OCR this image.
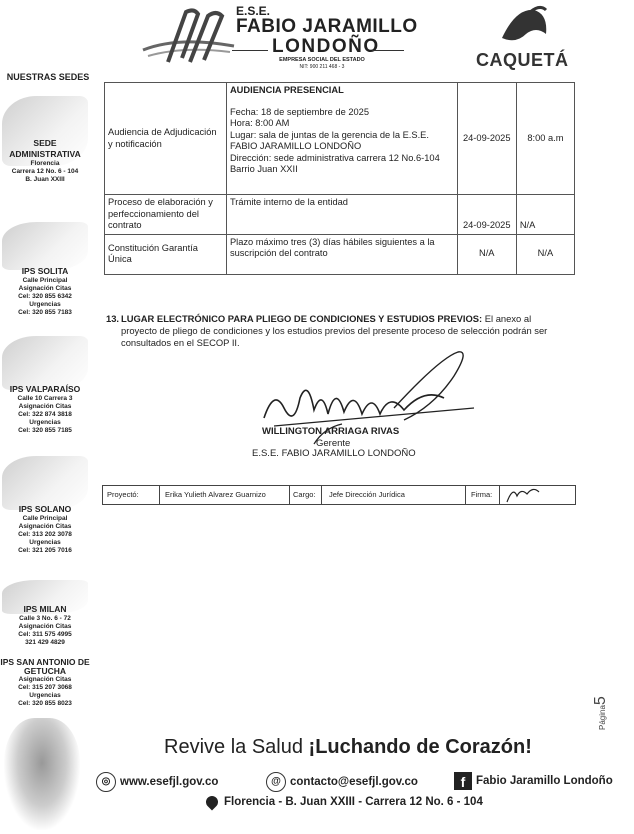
E.S.E.
FABIO JARAMILLO
LONDOÑO
EMPRESA SOCIAL DEL ESTADO
NIT: 900 211 468 - 3	CAQUETÁ
NUESTRAS SEDES
SEDE ADMINISTRATIVA
Florencia
Carrera 12 No. 6 - 104
B. Juan XXIII
IPS SOLITA
Calle Principal
Asignación Citas
Cel: 320 855 6342
Urgencias
Cel: 320 855 7183
IPS VALPARAÍSO
Calle 10 Carrera 3
Asignación Citas
Cel: 322 874 3818
Urgencias
Cel: 320 855 7185
IPS SOLANO
Calle Principal
Asignación Citas
Cel: 313 202 3078
Urgencias
Cel: 321 205 7016
IPS MILAN
Calle 3 No. 6 - 72
Asignación Citas
Cel: 311 575 4995
321 429 4829
IPS SAN ANTONIO DE GETUCHA
Asignación Citas
Cel: 315 207 3068
Urgencias
Cel: 320 855 8023
Audiencia de Adjudicación y notificación	AUDIENCIA PRESENCIAL
Fecha: 18 de septiembre de 2025
Hora: 8:00 AM
Lugar: sala de juntas de la gerencia de la E.S.E. FABIO JARAMILLO LONDOÑO
Dirección: sede administrativa carrera 12 No.6-104 Barrio Juan XXII	24-09-2025	8:00 a.m
Proceso de elaboración y perfeccionamiento del contrato	Trámite interno de la entidad	24-09-2025	N/A
Constitución Garantía Única	Plazo máximo tres (3) días hábiles siguientes a la suscripción del contrato	N/A	N/A
13. LUGAR ELECTRÓNICO PARA PLIEGO DE CONDICIONES Y ESTUDIOS PREVIOS: El anexo al proyecto de pliego de condiciones y los estudios previos del presente proceso de selección podrán ser consultados en el SECOP II.
WILLINGTON ARRIAGA RIVAS
Gerente
E.S.E. FABIO JARAMILLO LONDOÑO
Proyectó:	Erika Yulieth Alvarez Guarnizo	Cargo: Jefe Dirección Jurídica	Firma:
Página5
Revive la Salud ¡Luchando de Corazón!
◎ www.esefjl.gov.co	@ contacto@esefjl.gov.co	f Fabio Jaramillo Londoño
Florencia - B. Juan XXIII - Carrera 12 No. 6 - 104
